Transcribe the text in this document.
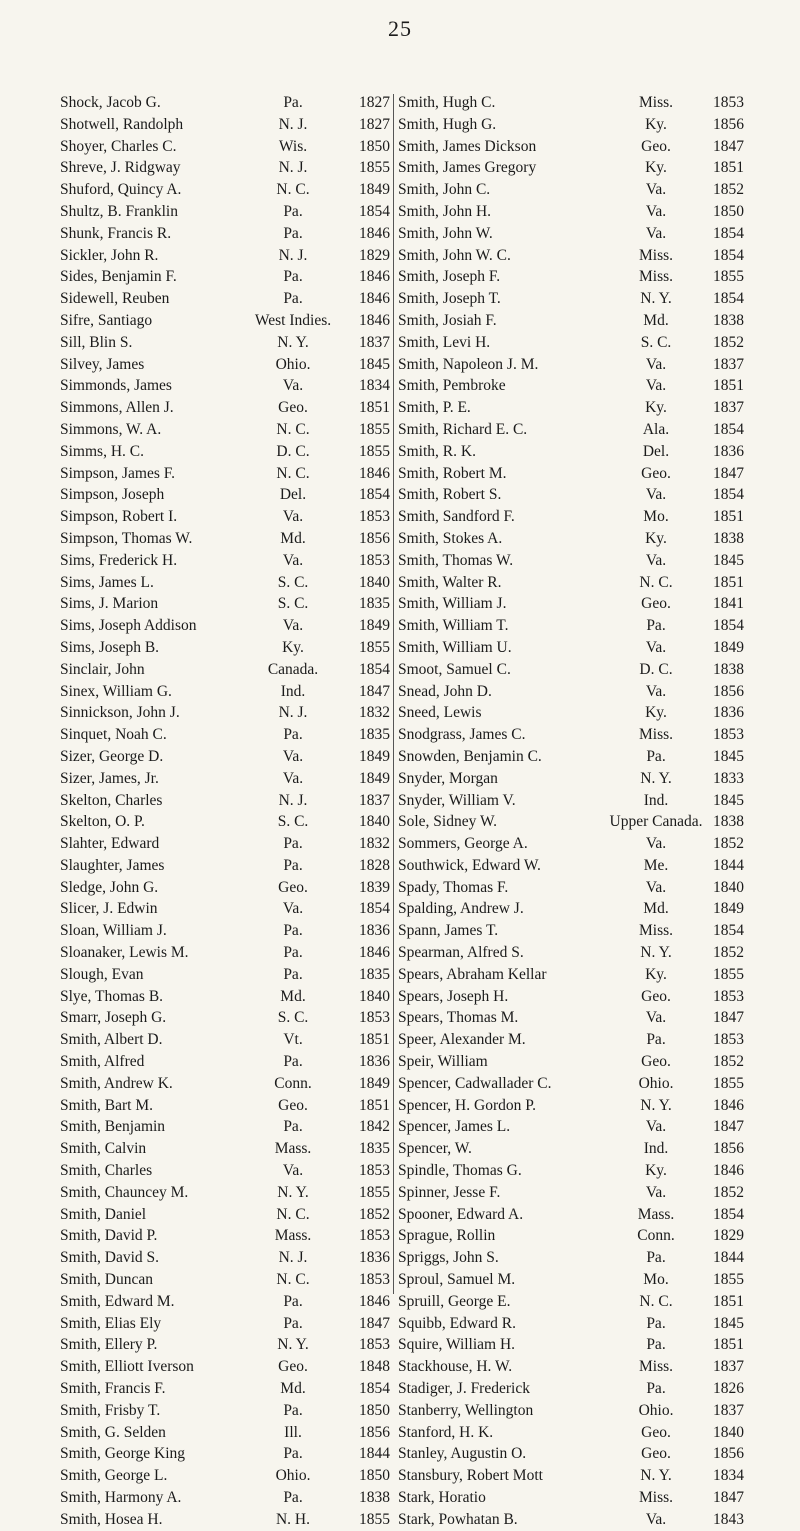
25
Shock, Jacob G.	Pa.	1827
Shotwell, Randolph	N. J.	1827
Shoyer, Charles C.	Wis.	1850
Shreve, J. Ridgway	N. J.	1855
Shuford, Quincy A.	N. C.	1849
Shultz, B. Franklin	Pa.	1854
Shunk, Francis R.	Pa.	1846
Sickler, John R.	N. J.	1829
Sides, Benjamin F.	Pa.	1846
Sidewell, Reuben	Pa.	1846
Sifre, Santiago	West Indies. 1846
Sill, Blin S.	N. Y.	1837
Silvey, James	Ohio.	1845
Simmonds, James	Va.	1834
Simmons, Allen J.	Geo.	1851
Simmons, W. A.	N. C.	1855
Simms, H. C.	D. C.	1855
Simpson, James F.	N. C.	1846
Simpson, Joseph	Del.	1854
Simpson, Robert I.	Va.	1853
Simpson, Thomas W.	Md.	1856
Sims, Frederick H.	Va.	1853
Sims, James L.	S. C.	1840
Sims, J. Marion	S. C.	1835
Sims, Joseph Addison	Va.	1849
Sims, Joseph B.	Ky.	1855
Sinclair, John	Canada.	1854
Sinex, William G.	Ind.	1847
Sinnickson, John J.	N. J.	1832
Sinquet, Noah C.	Pa.	1835
Sizer, George D.	Va.	1849
Sizer, James, Jr.	Va.	1849
Skelton, Charles	N. J.	1837
Skelton, O. P.	S. C.	1840
Slahter, Edward	Pa.	1832
Slaughter, James	Pa.	1828
Sledge, John G.	Geo.	1839
Slicer, J. Edwin	Va.	1854
Sloan, William J.	Pa.	1836
Sloanaker, Lewis M.	Pa.	1846
Slough, Evan	Pa.	1835
Slye, Thomas B.	Md.	1840
Smarr, Joseph G.	S. C.	1853
Smith, Albert D.	Vt.	1851
Smith, Alfred	Pa.	1836
Smith, Andrew K.	Conn.	1849
Smith, Bart M.	Geo.	1851
Smith, Benjamin	Pa.	1842
Smith, Calvin	Mass.	1835
Smith, Charles	Va.	1853
Smith, Chauncey M.	N. Y.	1855
Smith, Daniel	N. C.	1852
Smith, David P.	Mass.	1853
Smith, David S.	N. J.	1836
Smith, Duncan	N. C.	1853
Smith, Edward M.	Pa.	1846
Smith, Elias Ely	Pa.	1847
Smith, Ellery P.	N. Y.	1853
Smith, Elliott Iverson	Geo.	1848
Smith, Francis F.	Md.	1854
Smith, Frisby T.	Pa.	1850
Smith, G. Selden	Ill.	1856
Smith, George King	Pa.	1844
Smith, George L.	Ohio.	1850
Smith, Harmony A.	Pa.	1838
Smith, Hosea H.	N. H.	1855
Smith, Hugh C.	Miss.	1853
Smith, Hugh G.	Ky.	1856
Smith, James Dickson	Geo.	1847
Smith, James Gregory	Ky.	1851
Smith, John C.	Va.	1852
Smith, John H.	Va.	1850
Smith, John W.	Va.	1854
Smith, John W. C.	Miss.	1854
Smith, Joseph F.	Miss.	1855
Smith, Joseph T.	N. Y.	1854
Smith, Josiah F.	Md.	1838
Smith, Levi H.	S. C.	1852
Smith, Napoleon J. M.	Va.	1837
Smith, Pembroke	Va.	1851
Smith, P. E.	Ky.	1837
Smith, Richard E. C.	Ala.	1854
Smith, R. K.	Del.	1836
Smith, Robert M.	Geo.	1847
Smith, Robert S.	Va.	1854
Smith, Sandford F.	Mo.	1851
Smith, Stokes A.	Ky.	1838
Smith, Thomas W.	Va.	1845
Smith, Walter R.	N. C.	1851
Smith, William J.	Geo.	1841
Smith, William T.	Pa.	1854
Smith, William U.	Va.	1849
Smoot, Samuel C.	D. C.	1838
Snead, John D.	Va.	1856
Sneed, Lewis	Ky.	1836
Snodgrass, James C.	Miss.	1853
Snowden, Benjamin C.	Pa.	1845
Snyder, Morgan	N. Y.	1833
Snyder, William V.	Ind.	1845
Sole, Sidney W.	Upper Canada. 1838
Sommers, George A.	Va.	1852
Southwick, Edward W.	Me.	1844
Spady, Thomas F.	Va.	1840
Spalding, Andrew J.	Md.	1849
Spann, James T.	Miss.	1854
Spearman, Alfred S.	N. Y.	1852
Spears, Abraham Kellar	Ky.	1855
Spears, Joseph H.	Geo.	1853
Spears, Thomas M.	Va.	1847
Speer, Alexander M.	Pa.	1853
Speir, William	Geo.	1852
Spencer, Cadwallader C.	Ohio.	1855
Spencer, H. Gordon P.	N. Y.	1846
Spencer, James L.	Va.	1847
Spencer, W.	Ind.	1856
Spindle, Thomas G.	Ky.	1846
Spinner, Jesse F.	Va.	1852
Spooner, Edward A.	Mass.	1854
Sprague, Rollin	Conn.	1829
Spriggs, John S.	Pa.	1844
Sproul, Samuel M.	Mo.	1855
Spruill, George E.	N. C.	1851
Squibb, Edward R.	Pa.	1845
Squire, William H.	Pa.	1851
Stackhouse, H. W.	Miss.	1837
Stadiger, J. Frederick	Pa.	1826
Stanberry, Wellington	Ohio.	1837
Stanford, H. K.	Geo.	1840
Stanley, Augustin O.	Geo.	1856
Stansbury, Robert Mott	N. Y.	1834
Stark, Horatio	Miss.	1847
Stark, Powhatan B.	Va.	1843
